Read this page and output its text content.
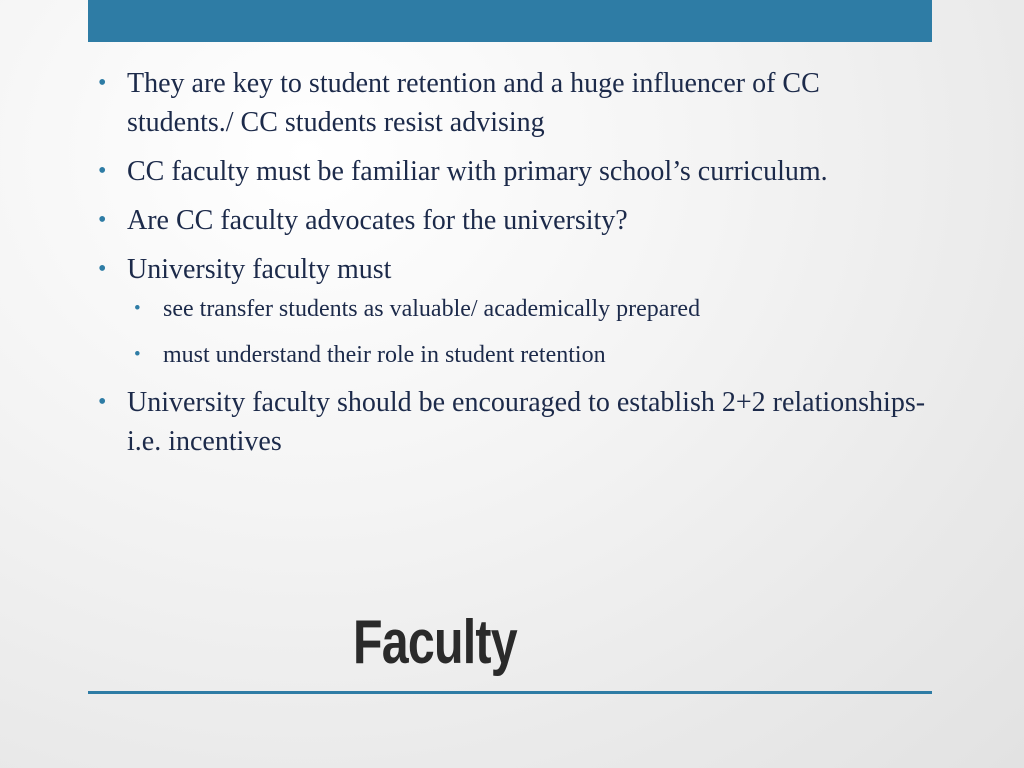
• They are key to student retention and a huge influencer of CC students./ CC students resist advising
• CC faculty must be familiar with primary school’s curriculum.
• Are CC faculty advocates for the university?
• University faculty must
• see transfer students as valuable/ academically prepared
• must understand their role in student retention
• University faculty should be encouraged to establish 2+2 relationships- i.e. incentives
Faculty
